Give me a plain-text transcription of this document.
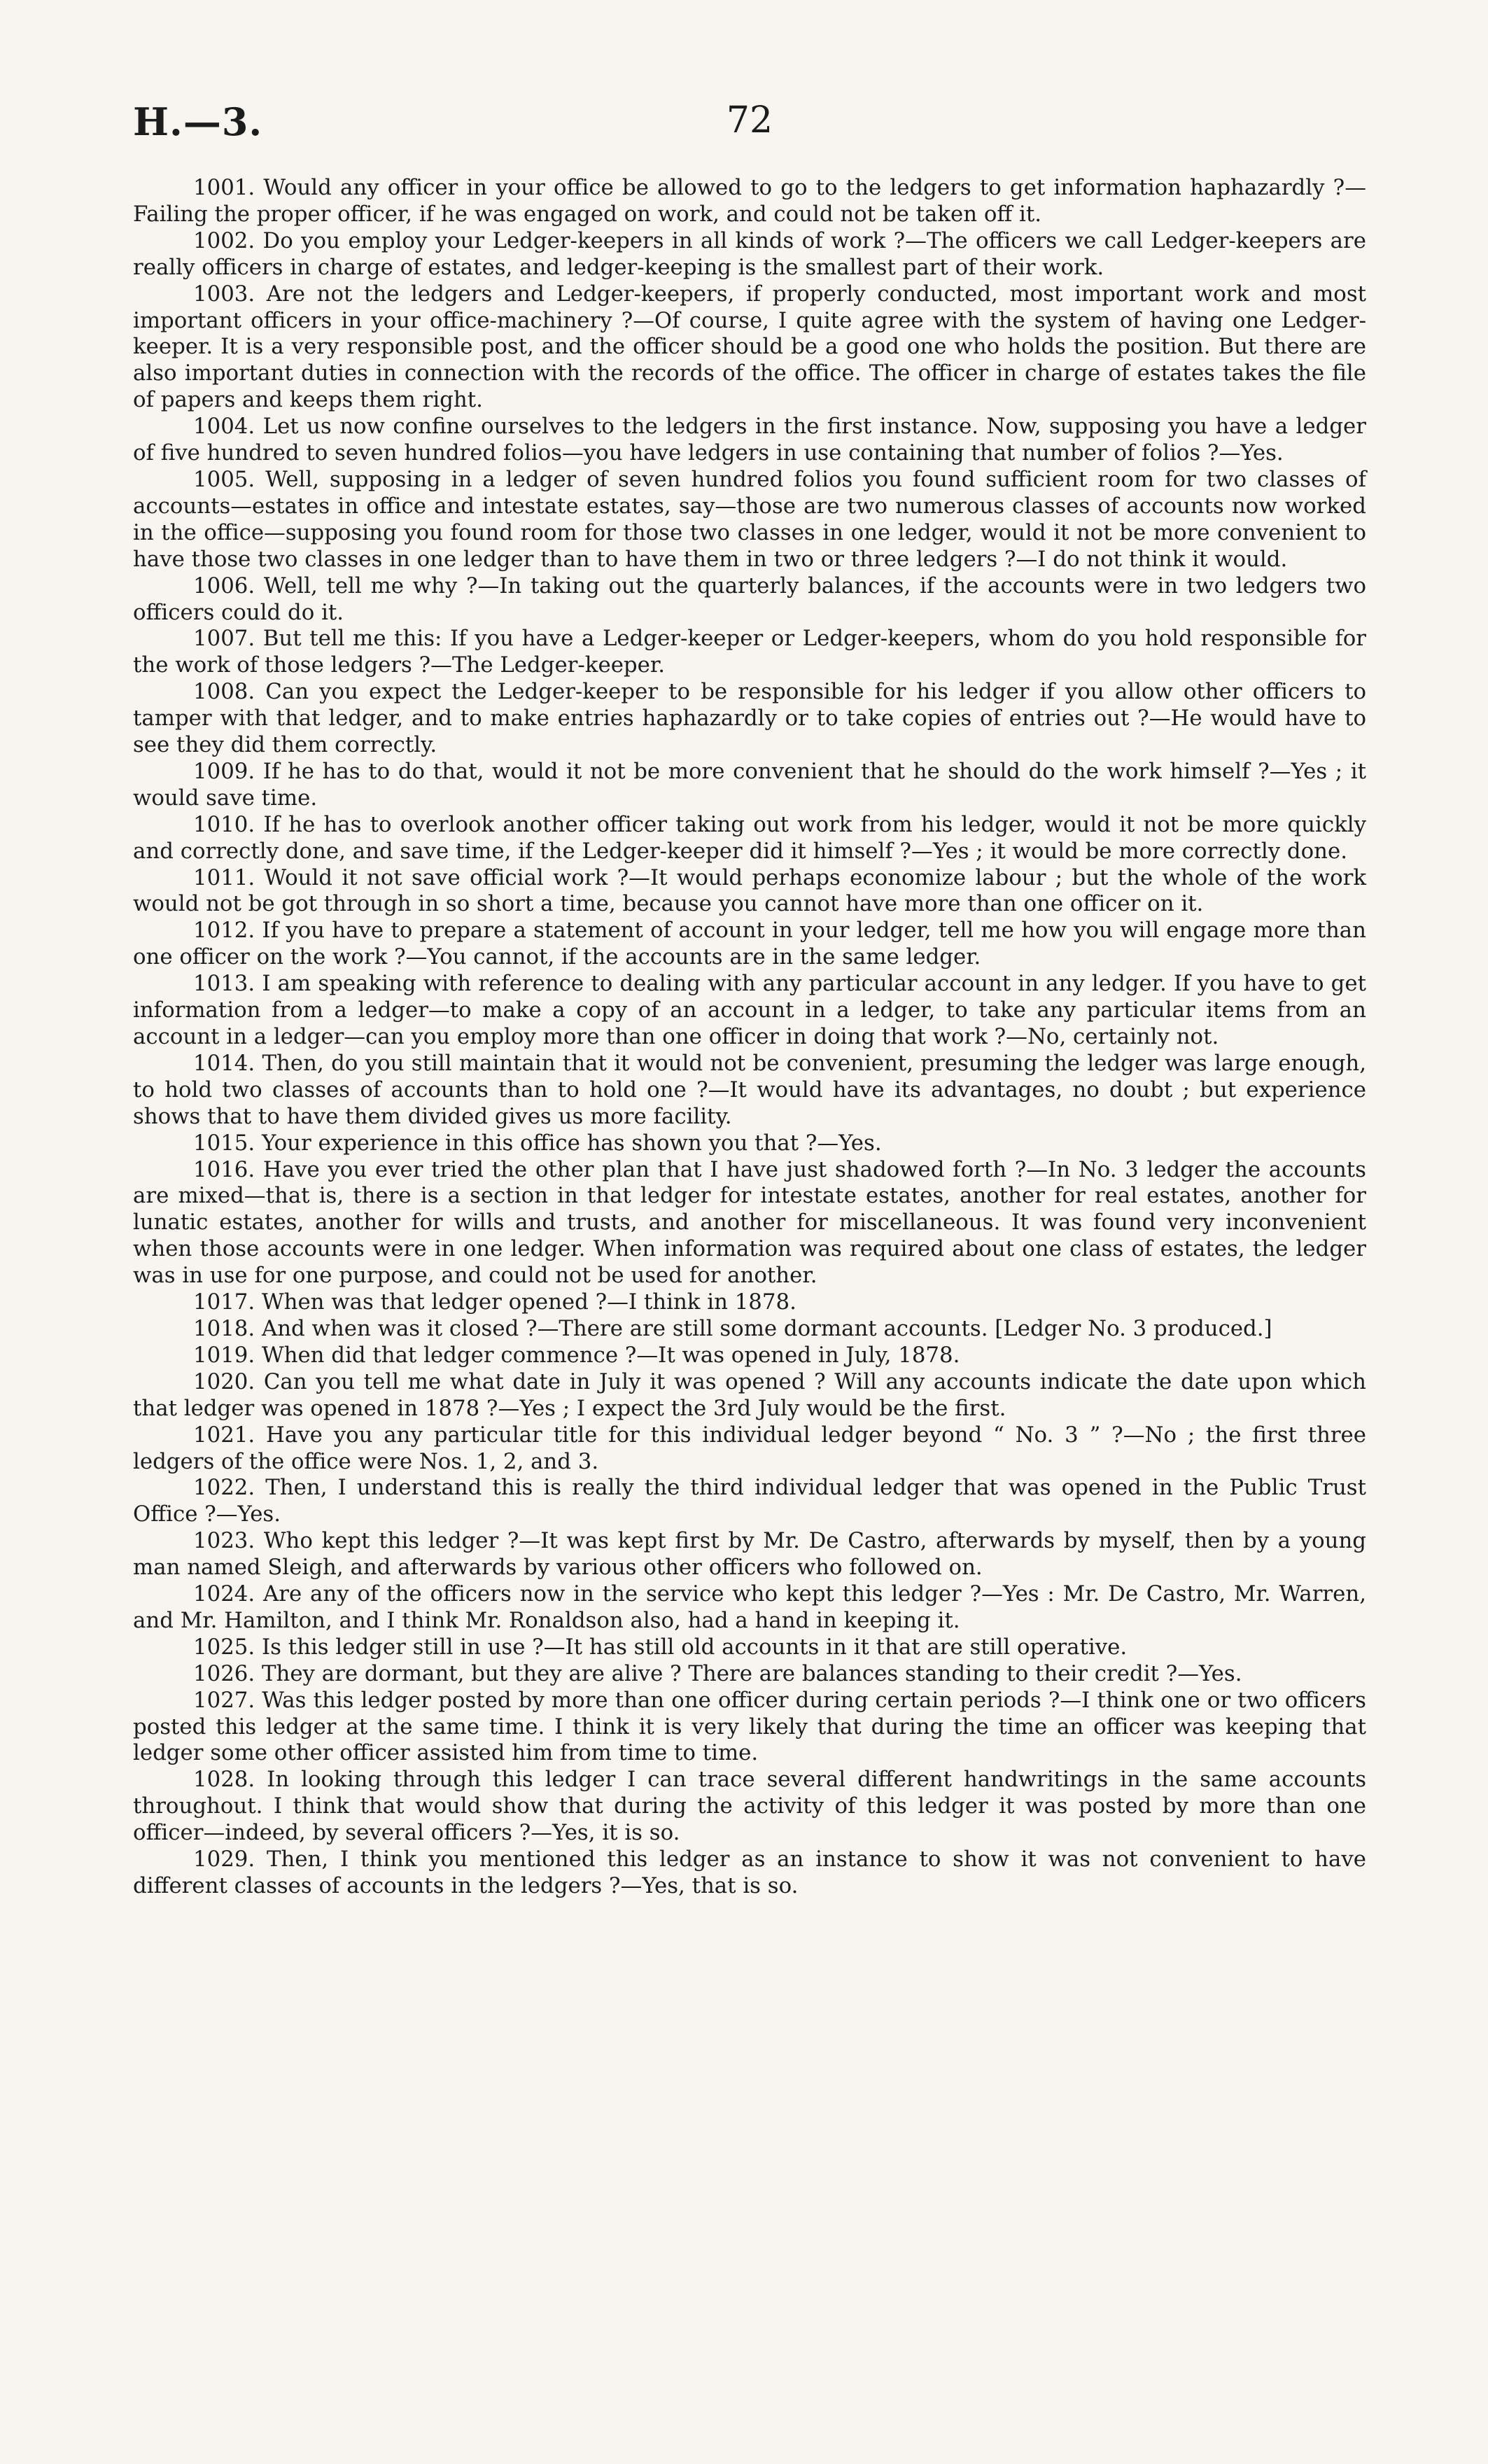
H.—3.	72

1001. Would any officer in your office be allowed to go to the ledgers to get information haphazardly ?—Failing the proper officer, if he was engaged on work, and could not be taken off it.

1002. Do you employ your Ledger-keepers in all kinds of work ?—The officers we call Ledger-keepers are really officers in charge of estates, and ledger-keeping is the smallest part of their work.

1003. Are not the ledgers and Ledger-keepers, if properly conducted, most important work and most important officers in your office-machinery ?—Of course, I quite agree with the system of having one Ledger-keeper. It is a very responsible post, and the officer should be a good one who holds the position. But there are also important duties in connection with the records of the office. The officer in charge of estates takes the file of papers and keeps them right.

1004. Let us now confine ourselves to the ledgers in the first instance. Now, supposing you have a ledger of five hundred to seven hundred folios—you have ledgers in use containing that number of folios ?—Yes.

1005. Well, supposing in a ledger of seven hundred folios you found sufficient room for two classes of accounts—estates in office and intestate estates, say—those are two numerous classes of accounts now worked in the office—supposing you found room for those two classes in one ledger, would it not be more convenient to have those two classes in one ledger than to have them in two or three ledgers ?—I do not think it would.

1006. Well, tell me why ?—In taking out the quarterly balances, if the accounts were in two ledgers two officers could do it.

1007. But tell me this: If you have a Ledger-keeper or Ledger-keepers, whom do you hold responsible for the work of those ledgers ?—The Ledger-keeper.

1008. Can you expect the Ledger-keeper to be responsible for his ledger if you allow other officers to tamper with that ledger, and to make entries haphazardly or to take copies of entries out ?—He would have to see they did them correctly.

1009. If he has to do that, would it not be more convenient that he should do the work himself ?—Yes ; it would save time.

1010. If he has to overlook another officer taking out work from his ledger, would it not be more quickly and correctly done, and save time, if the Ledger-keeper did it himself ?—Yes ; it would be more correctly done.

1011. Would it not save official work ?—It would perhaps economize labour ; but the whole of the work would not be got through in so short a time, because you cannot have more than one officer on it.

1012. If you have to prepare a statement of account in your ledger, tell me how you will engage more than one officer on the work ?—You cannot, if the accounts are in the same ledger.

1013. I am speaking with reference to dealing with any particular account in any ledger. If you have to get information from a ledger—to make a copy of an account in a ledger, to take any particular items from an account in a ledger—can you employ more than one officer in doing that work ?—No, certainly not.

1014. Then, do you still maintain that it would not be convenient, presuming the ledger was large enough, to hold two classes of accounts than to hold one ?—It would have its advantages, no doubt ; but experience shows that to have them divided gives us more facility.

1015. Your experience in this office has shown you that ?—Yes.

1016. Have you ever tried the other plan that I have just shadowed forth ?—In No. 3 ledger the accounts are mixed—that is, there is a section in that ledger for intestate estates, another for real estates, another for lunatic estates, another for wills and trusts, and another for miscellaneous. It was found very inconvenient when those accounts were in one ledger. When information was required about one class of estates, the ledger was in use for one purpose, and could not be used for another.

1017. When was that ledger opened ?—I think in 1878.

1018. And when was it closed ?—There are still some dormant accounts. [Ledger No. 3 produced.]

1019. When did that ledger commence ?—It was opened in July, 1878.

1020. Can you tell me what date in July it was opened ? Will any accounts indicate the date upon which that ledger was opened in 1878 ?—Yes ; I expect the 3rd July would be the first.

1021. Have you any particular title for this individual ledger beyond “ No. 3 ” ?—No ; the first three ledgers of the office were Nos. 1, 2, and 3.

1022. Then, I understand this is really the third individual ledger that was opened in the Public Trust Office ?—Yes.

1023. Who kept this ledger ?—It was kept first by Mr. De Castro, afterwards by myself, then by a young man named Sleigh, and afterwards by various other officers who followed on.

1024. Are any of the officers now in the service who kept this ledger ?—Yes : Mr. De Castro, Mr. Warren, and Mr. Hamilton, and I think Mr. Ronaldson also, had a hand in keeping it.

1025. Is this ledger still in use ?—It has still old accounts in it that are still operative.

1026. They are dormant, but they are alive ? There are balances standing to their credit ?—Yes.

1027. Was this ledger posted by more than one officer during certain periods ?—I think one or two officers posted this ledger at the same time. I think it is very likely that during the time an officer was keeping that ledger some other officer assisted him from time to time.

1028. In looking through this ledger I can trace several different handwritings in the same accounts throughout. I think that would show that during the activity of this ledger it was posted by more than one officer—indeed, by several officers ?—Yes, it is so.

1029. Then, I think you mentioned this ledger as an instance to show it was not convenient to have different classes of accounts in the ledgers ?—Yes, that is so.
